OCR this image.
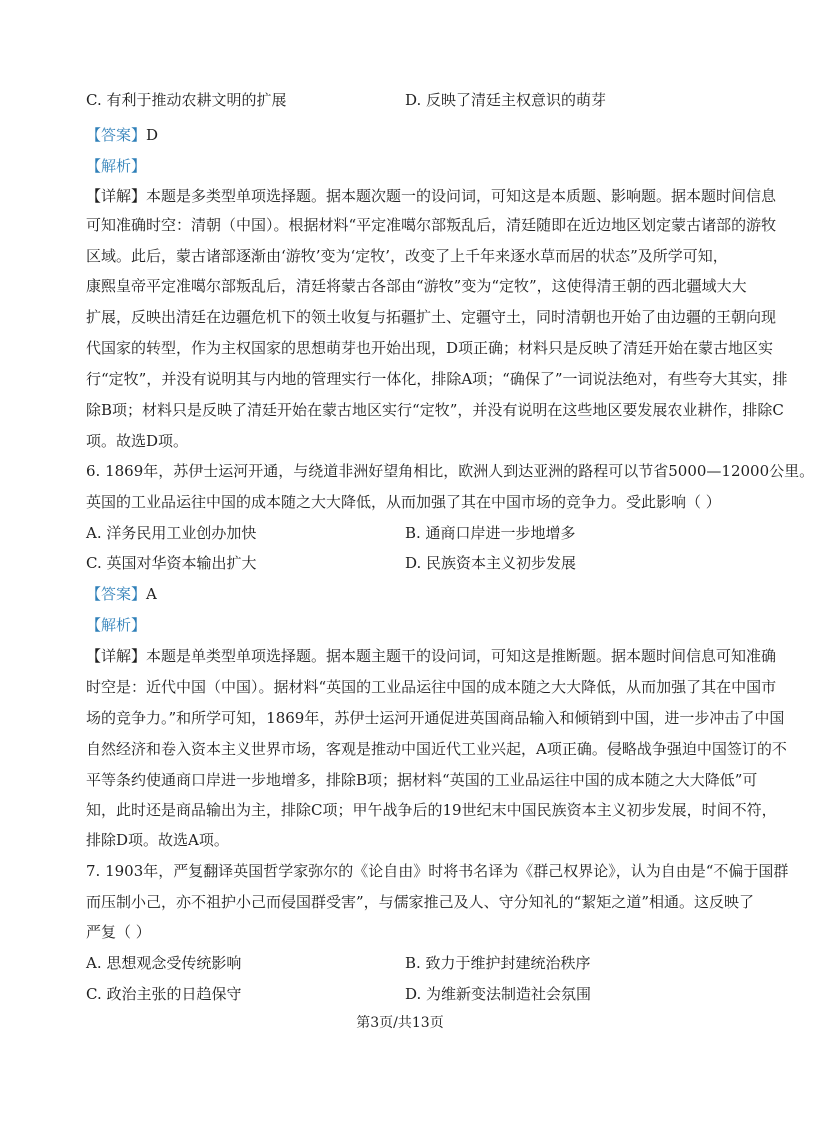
C. 有利于推动农耕文明的扩展	D. 反映了清廷主权意识的萌芽
【答案】D
【解析】
【详解】本题是多类型单项选择题。据本题次题一的设问词，可知这是本质题、影响题。据本题时间信息
可知准确时空：清朝（中国）。根据材料“平定准噶尔部叛乱后，清廷随即在近边地区划定蒙古诸部的游牧
区域。此后，蒙古诸部逐渐由‘游牧’变为‘定牧’，改变了上千年来逐水草而居的状态”及所学可知，
康熙皇帝平定准噶尔部叛乱后，清廷将蒙古各部由“游牧”变为“定牧”，这使得清王朝的西北疆域大大
扩展，反映出清廷在边疆危机下的领土收复与拓疆扩土、定疆守土，同时清朝也开始了由边疆的王朝向现
代国家的转型，作为主权国家的思想萌芽也开始出现，D项正确；材料只是反映了清廷开始在蒙古地区实
行“定牧”，并没有说明其与内地的管理实行一体化，排除A项；“确保了”一词说法绝对，有些夸大其实，排
除B项；材料只是反映了清廷开始在蒙古地区实行“定牧”，并没有说明在这些地区要发展农业耕作，排除C
项。故选D项。
6. 1869年，苏伊士运河开通，与绕道非洲好望角相比，欧洲人到达亚洲的路程可以节省5000—12000公里。
英国的工业品运往中国的成本随之大大降低，从而加强了其在中国市场的竞争力。受此影响（ ）
A. 洋务民用工业创办加快	B. 通商口岸进一步地增多
C. 英国对华资本输出扩大	D. 民族资本主义初步发展
【答案】A
【解析】
【详解】本题是单类型单项选择题。据本题主题干的设问词，可知这是推断题。据本题时间信息可知准确
时空是：近代中国（中国）。据材料“英国的工业品运往中国的成本随之大大降低，从而加强了其在中国市
场的竞争力。”和所学可知，1869年，苏伊士运河开通促进英国商品输入和倾销到中国，进一步冲击了中国
自然经济和卷入资本主义世界市场，客观是推动中国近代工业兴起，A项正确。侵略战争强迫中国签订的不
平等条约使通商口岸进一步地增多，排除B项；据材料“英国的工业品运往中国的成本随之大大降低”可
知，此时还是商品输出为主，排除C项；甲午战争后的19世纪末中国民族资本主义初步发展，时间不符，
排除D项。故选A项。
7. 1903年，严复翻译英国哲学家弥尔的《论自由》时将书名译为《群己权界论》，认为自由是“不偏于国群
而压制小己，亦不祖护小己而侵国群受害”，与儒家推己及人、守分知礼的“絜矩之道”相通。这反映了
严复（ ）
A. 思想观念受传统影响	B. 致力于维护封建统治秩序
C. 政治主张的日趋保守	D. 为维新变法制造社会氛围
第3页/共13页
